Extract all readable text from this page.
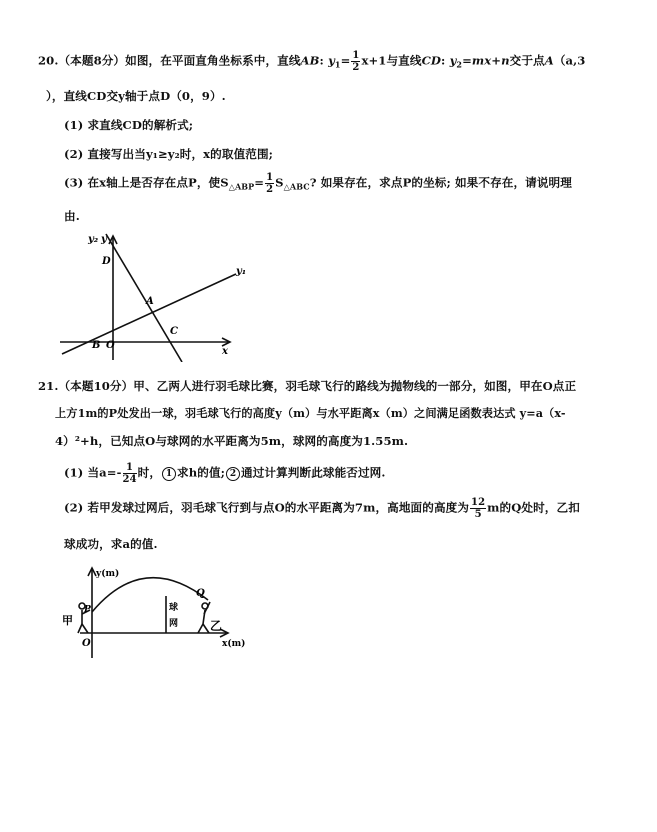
20.（本题8分）如图，在平面直角坐标系中，直线AB: $y_1= \frac{1}{2} x+1$与直线CD: $y_2=mx+n$交于点A（a,3
），直线CD交y轴于点D（0，9）.
(1) 求直线CD的解析式;
(2) 直接写出当y₁≥y₂时，x的取值范围;
(3) 在x轴上是否存在点P，使$S_{\triangle ABP}= \frac{1}{2} S_{\triangle ABC}$? 如果存在，求点P的坐标; 如果不存在，请说明理
由.
y₂ y
D
A
y₁
C
B O
x
21.（本题10分）甲、乙两人进行羽毛球比赛，羽毛球飞行的路线为抛物线的一部分，如图，甲在O点正
上方1m的P处发出一球，羽毛球飞行的高度y（m）与水平距离x（m）之间满足函数表达式 y=a（x-
4）²+h，已知点O与球网的水平距离为5m，球网的高度为1.55m.
(1) 当$a=- \frac{1}{24}$ 时， 1 求h的值; 2 通过计算判断此球能否过网.
(2) 若甲发球过网后，羽毛球飞行到与点O的水平距离为7m，高地面的高度为 $\frac{12}{5}$ m的Q处时，乙扣
球成功，求a的值.
y(m)
P
甲
O
球
网
Q
乙
x(m)
